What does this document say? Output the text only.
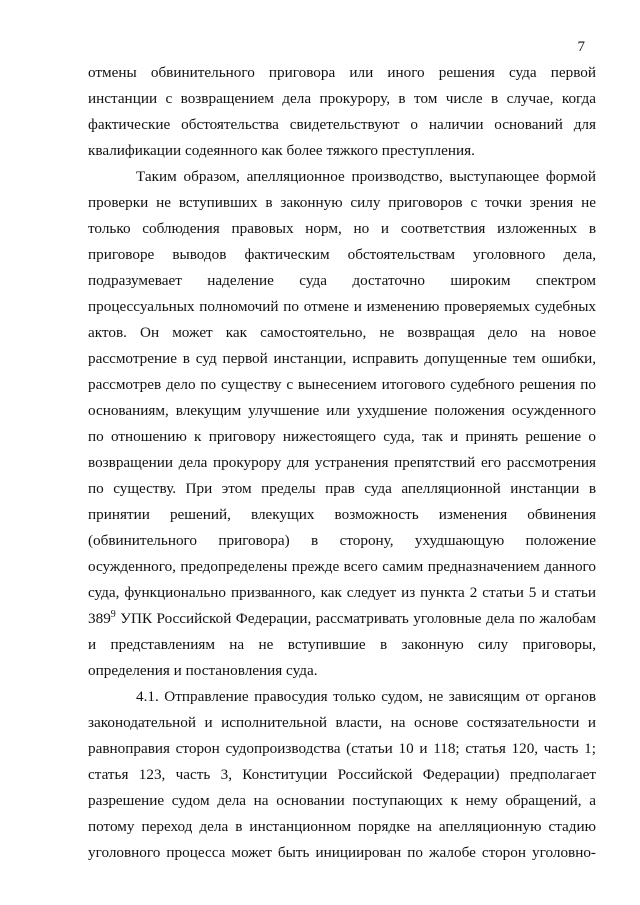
7

отмены обвинительного приговора или иного решения суда первой инстанции с возвращением дела прокурору, в том числе в случае, когда фактические обстоятельства свидетельствуют о наличии оснований для квалификации содеянного как более тяжкого преступления.

Таким образом, апелляционное производство, выступающее формой проверки не вступивших в законную силу приговоров с точки зрения не только соблюдения правовых норм, но и соответствия изложенных в приговоре выводов фактическим обстоятельствам уголовного дела, подразумевает наделение суда достаточно широким спектром процессуальных полномочий по отмене и изменению проверяемых судебных актов. Он может как самостоятельно, не возвращая дело на новое рассмотрение в суд первой инстанции, исправить допущенные тем ошибки, рассмотрев дело по существу с вынесением итогового судебного решения по основаниям, влекущим улучшение или ухудшение положения осужденного по отношению к приговору нижестоящего суда, так и принять решение о возвращении дела прокурору для устранения препятствий его рассмотрения по существу. При этом пределы прав суда апелляционной инстанции в принятии решений, влекущих возможность изменения обвинения (обвинительного приговора) в сторону, ухудшающую положение осужденного, предопределены прежде всего самим предназначением данного суда, функционально призванного, как следует из пункта 2 статьи 5 и статьи $389^9$ УПК Российской Федерации, рассматривать уголовные дела по жалобам и представлениям на не вступившие в законную силу приговоры, определения и постановления суда.

4.1. Отправление правосудия только судом, не зависящим от органов законодательной и исполнительной власти, на основе состязательности и равноправия сторон судопроизводства (статьи 10 и 118; статья 120, часть 1; статья 123, часть 3, Конституции Российской Федерации) предполагает разрешение судом дела на основании поступающих к нему обращений, а потому переход дела в инстанционном порядке на апелляционную стадию уголовного процесса может быть инициирован по жалобе сторон уголовно-
